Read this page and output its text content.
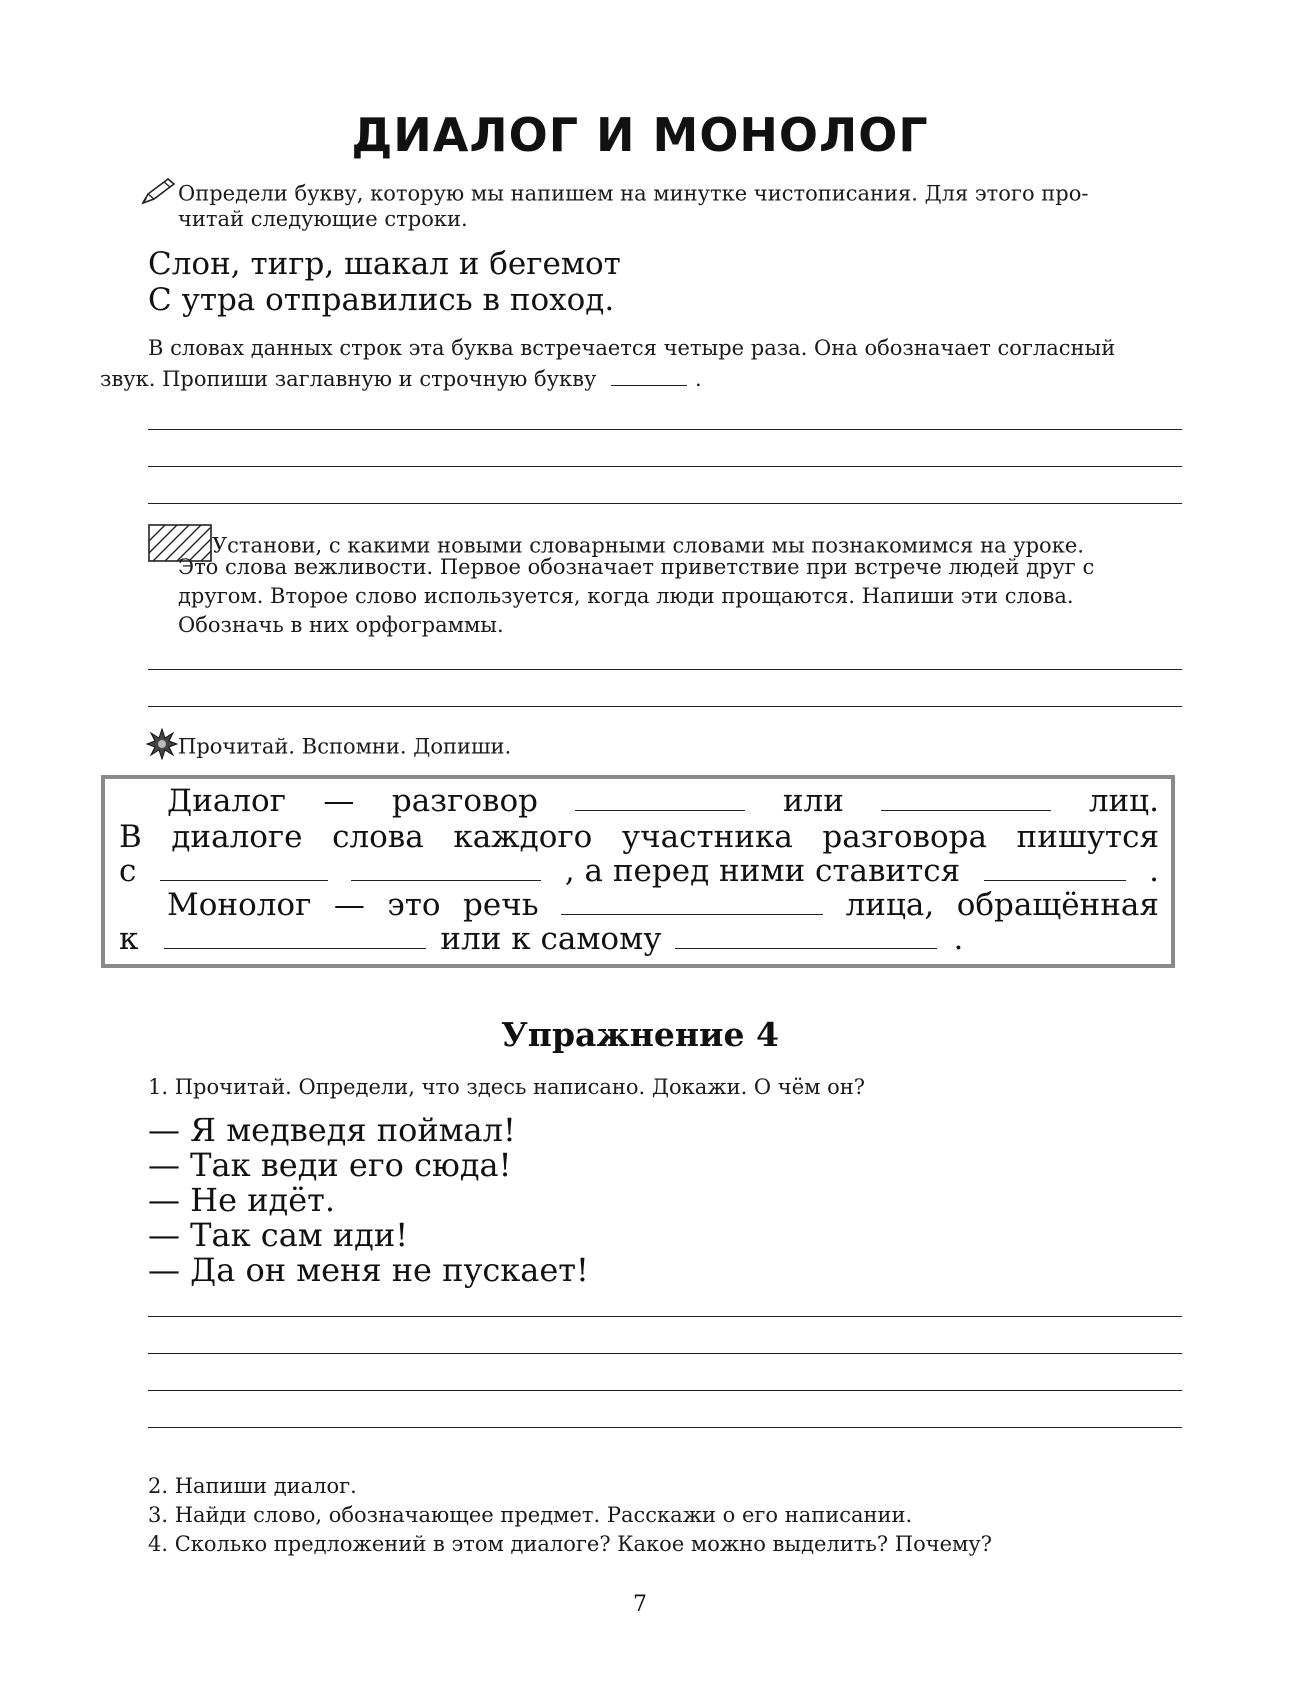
ДИАЛОГ И МОНОЛОГ
Определи букву, которую мы напишем на минутке чистописания. Для этого про-
читай следующие строки.
Слон, тигр, шакал и бегемот
С утра отправились в поход.
В словах данных строк эта буква встречается четыре раза. Она обозначает согласный
звук. Пропиши заглавную и строчную букву	.
Установи, с какими новыми словарными словами мы познакомимся на уроке.
Это слова вежливости. Первое обозначает приветствие при встрече людей друг с
другом. Второе слово используется, когда люди прощаются. Напиши эти слова.
Обозначь в них орфограммы.
Прочитай. Вспомни. Допиши.
Диалог — разговор	или	лиц.
В диалоге слова каждого участника разговора пишутся
с	, а перед ними ставится	.
Монолог — это речь	лица, обращённая
к	или к самому	.
Упражнение 4
1. Прочитай. Определи, что здесь написано. Докажи. О чём он?
— Я медведя поймал!
— Так веди его сюда!
— Не идёт.
— Так сам иди!
— Да он меня не пускает!
2. Напиши диалог.
3. Найди слово, обозначающее предмет. Расскажи о его написании.
4. Сколько предложений в этом диалоге? Какое можно выделить? Почему?
7
